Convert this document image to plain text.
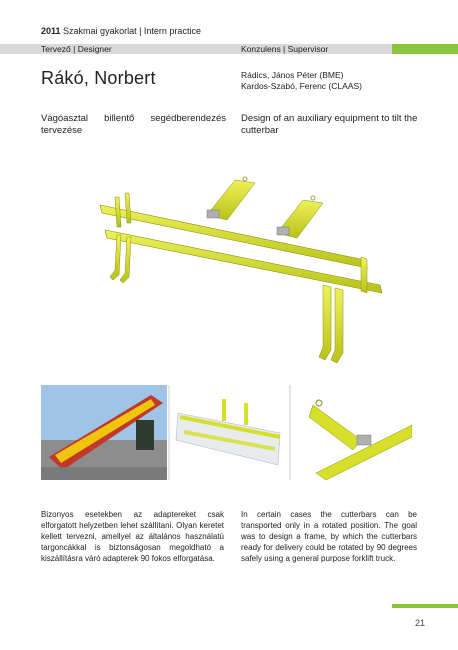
2011 Szakmai gyakorlat | Intern practice
Tervező | Designer	Konzulens | Supervisor
Rákó, Norbert	Rádics, János Péter (BME)
Kardos-Szabó, Ferenc (CLAAS)
Vágóasztal billentő segédberendezés tervezése
Design of an auxiliary equipment to tilt the cutterbar
Bizonyos esetekben az adaptereket csak elforgatott helyzetben lehet szállítani. Olyan keretet kellett tervezni, amellyel az általános használatú targoncákkal is biztonságosan megoldható a kiszállításra váró adapterek 90 fokos elforgatása.
In certain cases the cutterbars can be transported only in a rotated position. The goal was to design a frame, by which the cutterbars ready for delivery could be rotated by 90 degrees safely using a general purpose forklift truck.
21
